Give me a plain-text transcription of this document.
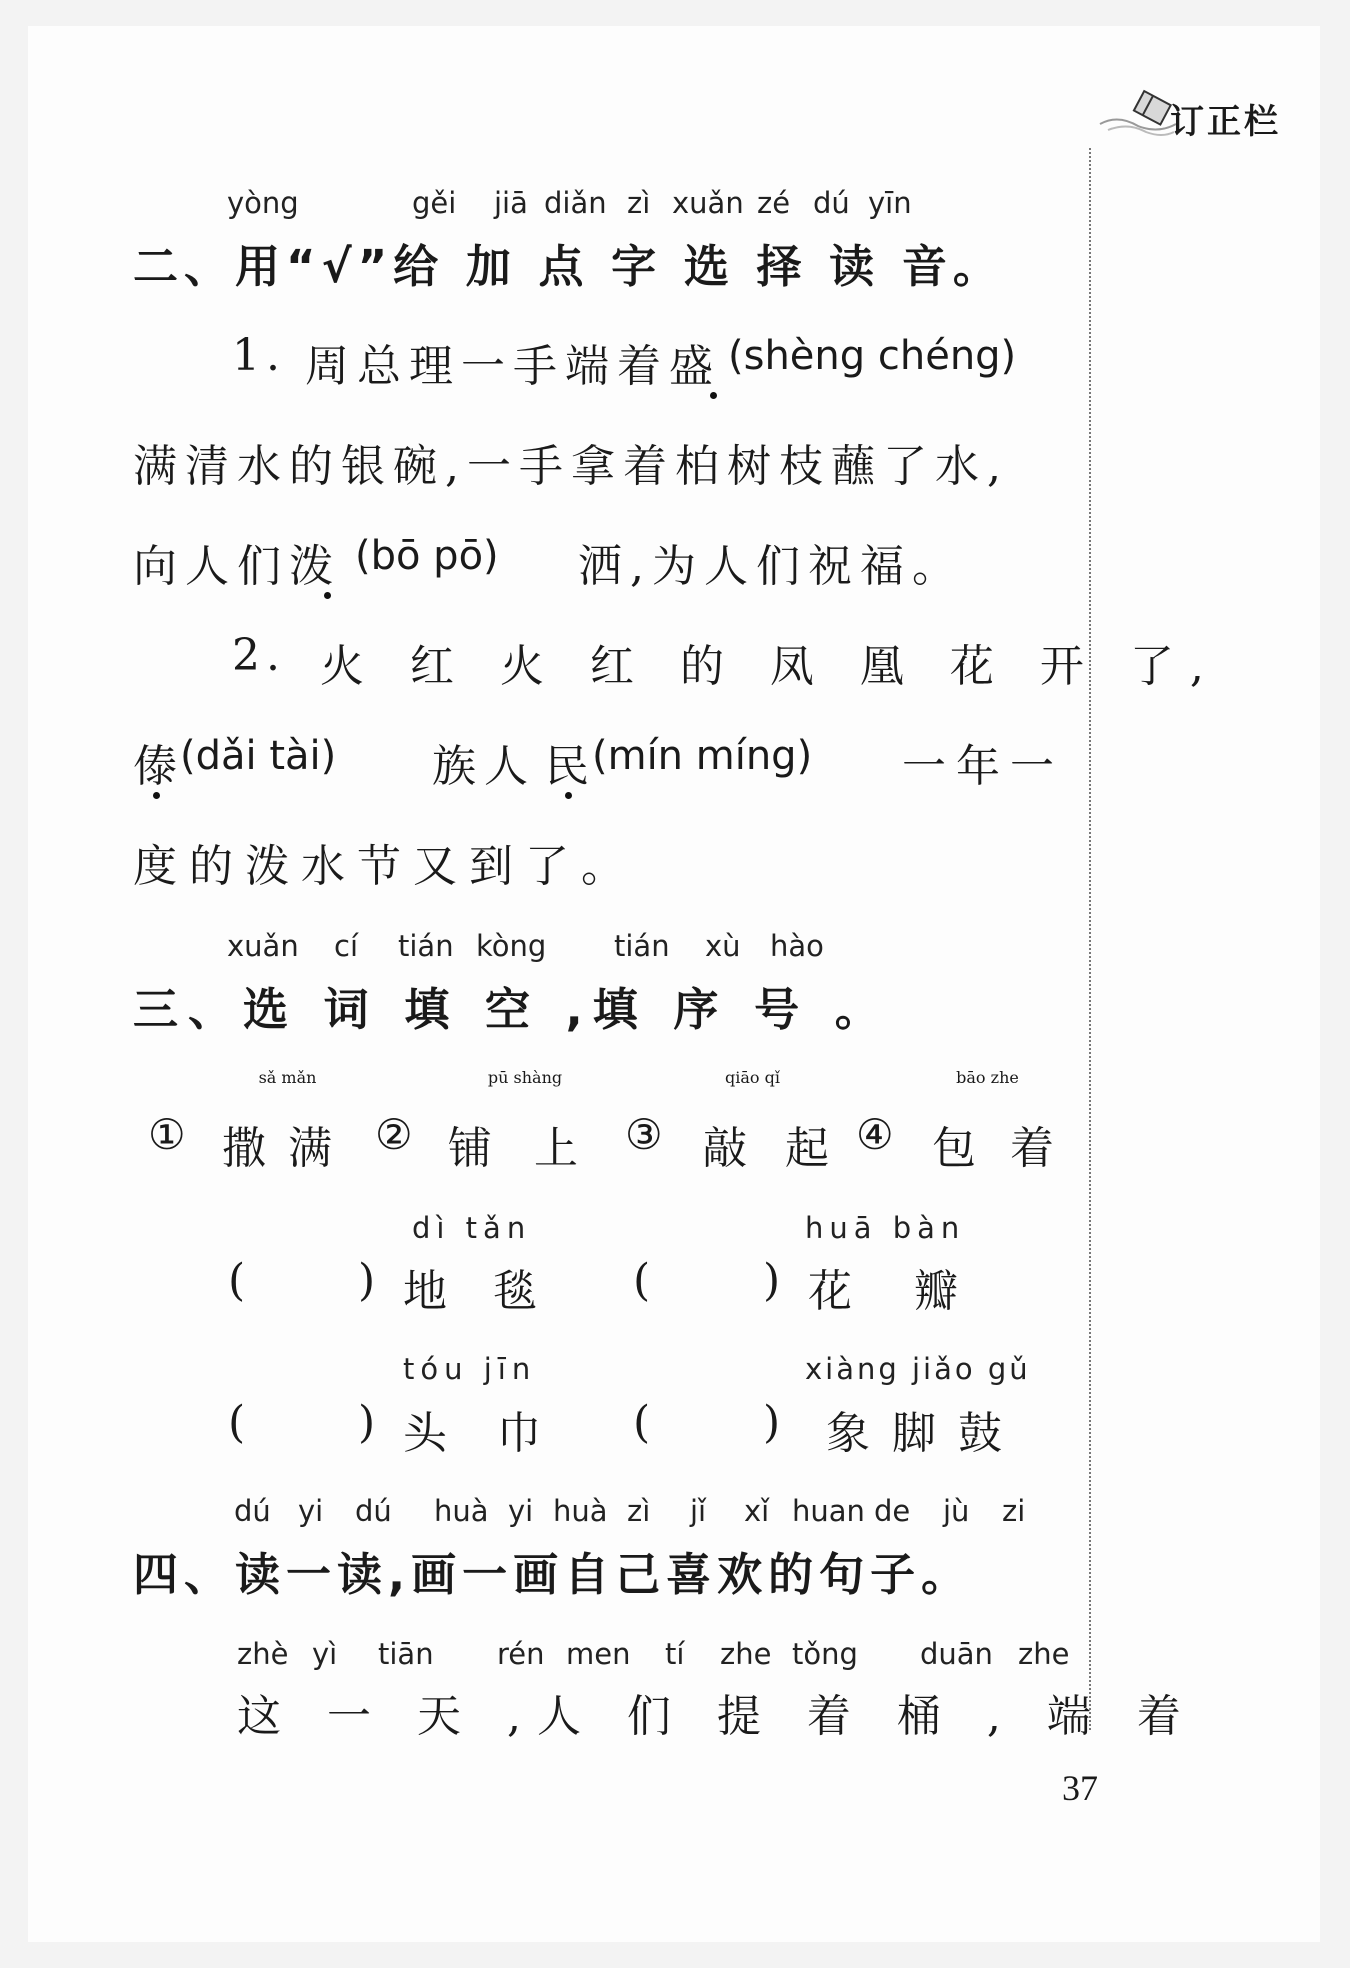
订正栏
yòng	gěi jiā diǎn zì xuǎn zé dú yīn
二、用“√”给 加 点 字 选 择 读 音。
1. 周总理一手端着盛 (shèng chéng)
满清水的银碗,一手拿着柏树枝蘸了水,
向人们泼 (bō pō) 洒,为人们祝福。
2. 火 红 火 红 的 凤 凰 花 开 了,
傣
(dǎi tài) 族人 民
(mín míng) 一年一
度的泼水节又到了。
xuǎn cí tián kòng tián xù hào
三、选 词 填 空 ,填 序 号 。
sǎ mǎn	pū shàng	qiāo qǐ	bāo zhe
① 撒 满 ② 铺 上 ③ 敲 起 ④ 包 着
dì tǎn
( ) 地 毯
huā bàn
( ) 花 瓣
tóu jīn
( ) 头 巾
xiàng jiǎo gǔ
( ) 象 脚 鼓
dú yi dú huà yi huà zì jǐ xǐ huan de jù zi
四、读一读,画一画自己喜欢的句子。
zhè yì tiān rén men tí zhe tǒng duān zhe
这 一 天 ,人 们 提 着 桶 , 端 着
37
